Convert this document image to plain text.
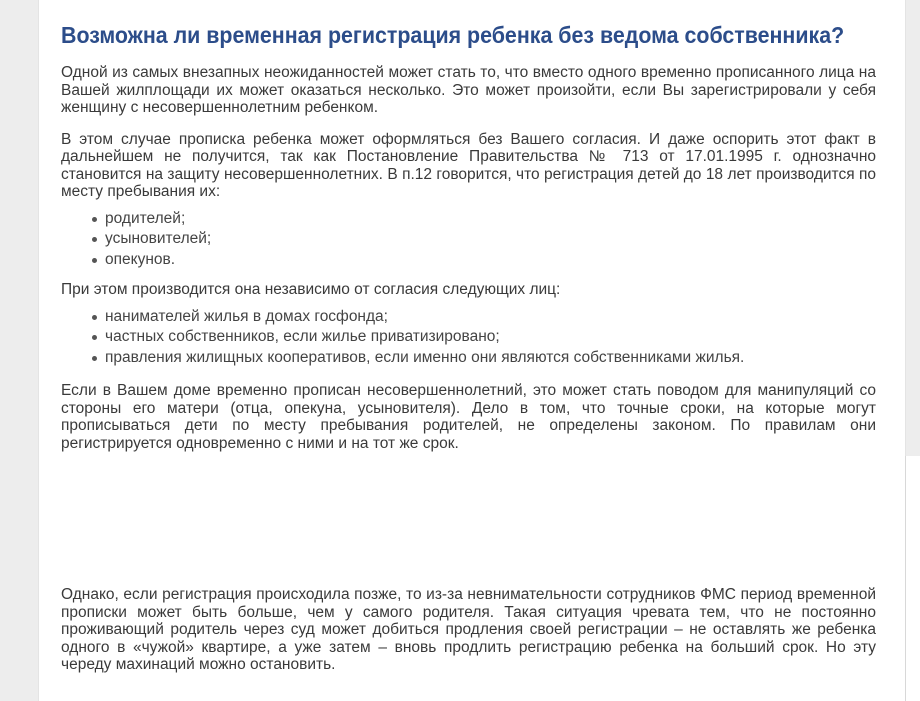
Возможна ли временная регистрация ребенка без ведома собственника?

Одной из самых внезапных неожиданностей может стать то, что вместо одного временно прописанного лица на Вашей жилплощади их может оказаться несколько. Это может произойти, если Вы зарегистрировали у себя женщину с несовершеннолетним ребенком.

В этом случае прописка ребенка может оформляться без Вашего согласия. И даже оспорить этот факт в дальнейшем не получится, так как Постановление Правительства № 713 от 17.01.1995 г. однозначно становится на защиту несовершеннолетних. В п.12 говорится, что регистрация детей до 18 лет производится по месту пребывания их:

родителей;
усыновителей;
опекунов.

При этом производится она независимо от согласия следующих лиц:

нанимателей жилья в домах госфонда;
частных собственников, если жилье приватизировано;
правления жилищных кооперативов, если именно они являются собственниками жилья.

Если в Вашем доме временно прописан несовершеннолетний, это может стать поводом для манипуляций со стороны его матери (отца, опекуна, усыновителя). Дело в том, что точные сроки, на которые могут прописываться дети по месту пребывания родителей, не определены законом. По правилам они регистрируется одновременно с ними и на тот же срок.

Однако, если регистрация происходила позже, то из-за невнимательности сотрудников ФМС период временной прописки может быть больше, чем у самого родителя. Такая ситуация чревата тем, что не постоянно проживающий родитель через суд может добиться продления своей регистрации – не оставлять же ребенка одного в «чужой» квартире, а уже затем – вновь продлить регистрацию ребенка на больший срок. Но эту череду махинаций можно остановить.
